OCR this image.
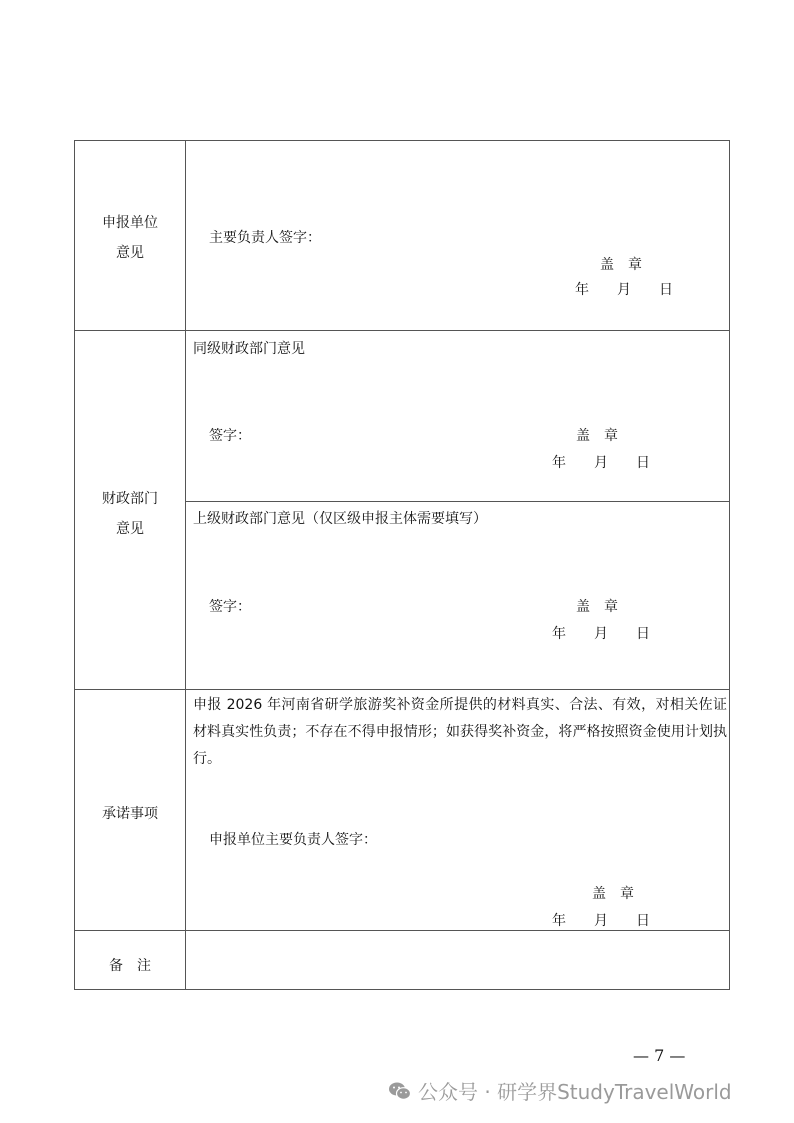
申报单位
意见
主要负责人签字：
盖　章
年　　月　　日
财政部门
意见
同级财政部门意见
签字：	盖　章
年　　月　　日
上级财政部门意见（仅区级申报主体需要填写）
签字：	盖　章
年　　月　　日
承诺事项
申报 2026 年河南省研学旅游奖补资金所提供的材料真实、合法、有效，对相关佐证材料真实性负责；不存在不得申报情形；如获得奖补资金，将严格按照资金使用计划执行。
申报单位主要负责人签字：
盖　章
年　　月　　日
备　注
— 7 —
公众号 · 研学界StudyTravelWorld
